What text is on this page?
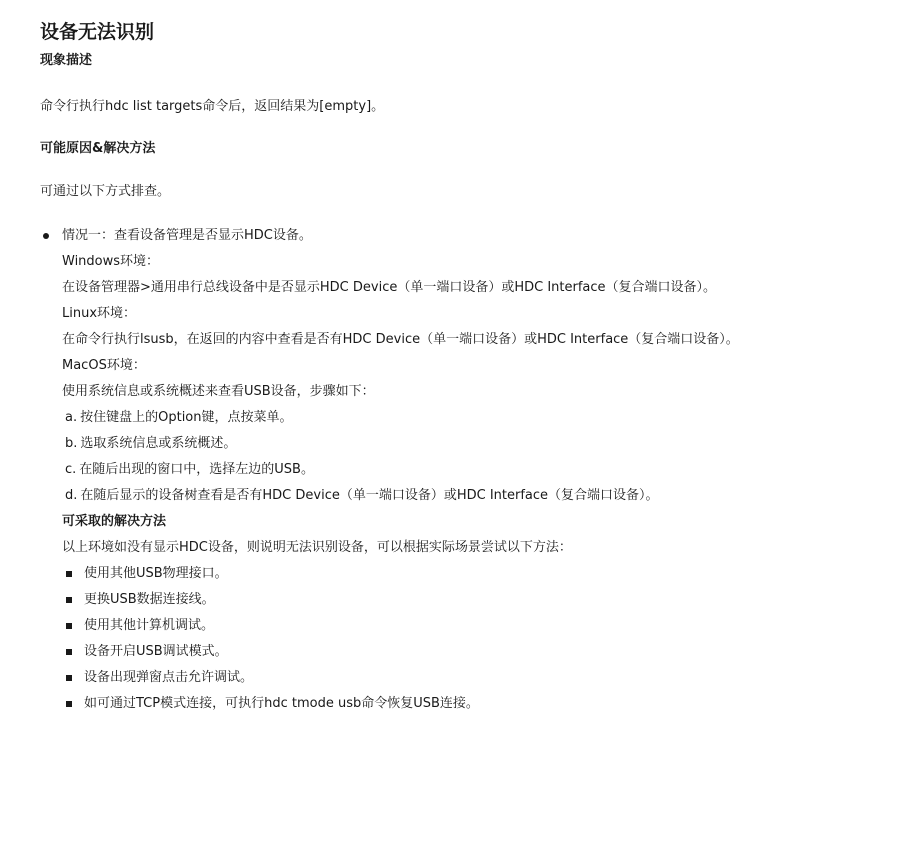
设备无法识别
现象描述

命令行执行hdc list targets命令后，返回结果为[empty]。

可能原因&解决方法

可通过以下方式排查。

情况一：查看设备管理是否显示HDC设备。
Windows环境：
在设备管理器>通用串行总线设备中是否显示HDC Device（单一端口设备）或HDC Interface（复合端口设备）。
Linux环境：
在命令行执行lsusb，在返回的内容中查看是否有HDC Device（单一端口设备）或HDC Interface（复合端口设备）。
MacOS环境：
使用系统信息或系统概述来查看USB设备，步骤如下：
a. 按住键盘上的Option键，点按菜单。
b. 选取系统信息或系统概述。
c. 在随后出现的窗口中，选择左边的USB。
d. 在随后显示的设备树查看是否有HDC Device（单一端口设备）或HDC Interface（复合端口设备）。
可采取的解决方法
以上环境如没有显示HDC设备，则说明无法识别设备，可以根据实际场景尝试以下方法：
使用其他USB物理接口。
更换USB数据连接线。
使用其他计算机调试。
设备开启USB调试模式。
设备出现弹窗点击允许调试。
如可通过TCP模式连接，可执行hdc tmode usb命令恢复USB连接。
